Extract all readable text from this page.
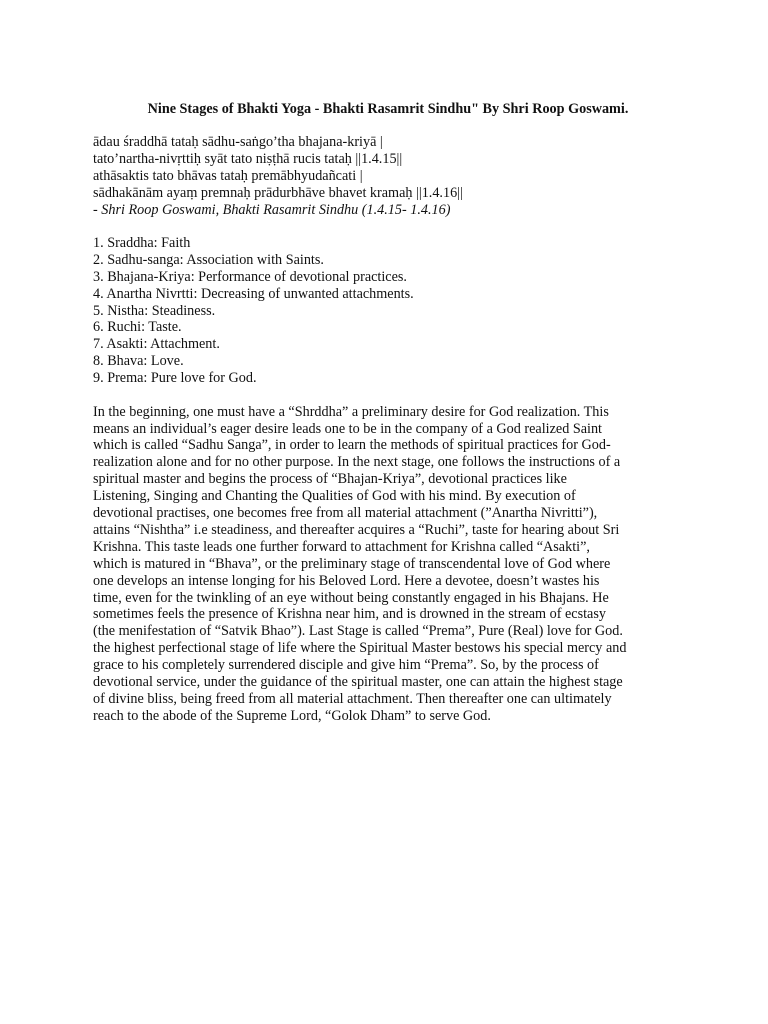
Nine Stages of Bhakti Yoga - Bhakti Rasamrit Sindhu" By Shri Roop Goswami.
ādau śraddhā tataḥ sādhu-saṅgo’tha bhajana-kriyā |
tato’nartha-nivṛttiḥ syāt tato niṣṭhā rucis tataḥ ||1.4.15||
athāsaktis tato bhāvas tataḥ premābhyudañcati |
sādhakānām ayaṃ premnaḥ prādurbhāve bhavet kramaḥ ||1.4.16||
- Shri Roop Goswami, Bhakti Rasamrit Sindhu (1.4.15- 1.4.16)
1. Sraddha: Faith
2. Sadhu-sanga: Association with Saints.
3. Bhajana-Kriya: Performance of devotional practices.
4. Anartha Nivrtti: Decreasing of unwanted attachments.
5. Nistha: Steadiness.
6. Ruchi: Taste.
7. Asakti: Attachment.
8. Bhava: Love.
9. Prema: Pure love for God.
In the beginning, one must have a “Shrddha” a preliminary desire for God realization. This
means an individual’s eager desire leads one to be in the company of a God realized Saint
which is called “Sadhu Sanga”, in order to learn the methods of spiritual practices for God-
realization alone and for no other purpose. In the next stage, one follows the instructions of a
spiritual master and begins the process of “Bhajan-Kriya”, devotional practices like
Listening, Singing and Chanting the Qualities of God with his mind. By execution of
devotional practises, one becomes free from all material attachment (”Anartha Nivritti”),
attains “Nishtha” i.e steadiness, and thereafter acquires a “Ruchi”, taste for hearing about Sri
Krishna. This taste leads one further forward to attachment for Krishna called “Asakti”,
which is matured in “Bhava”, or the preliminary stage of transcendental love of God where
one develops an intense longing for his Beloved Lord. Here a devotee, doesn’t wastes his
time, even for the twinkling of an eye without being constantly engaged in his Bhajans. He
sometimes feels the presence of Krishna near him, and is drowned in the stream of ecstasy
(the menifestation of “Satvik Bhao”). Last Stage is called “Prema”, Pure (Real) love for God.
the highest perfectional stage of life where the Spiritual Master bestows his special mercy and
grace to his completely surrendered disciple and give him “Prema”. So, by the process of
devotional service, under the guidance of the spiritual master, one can attain the highest stage
of divine bliss, being freed from all material attachment. Then thereafter one can ultimately
reach to the abode of the Supreme Lord, “Golok Dham” to serve God.
